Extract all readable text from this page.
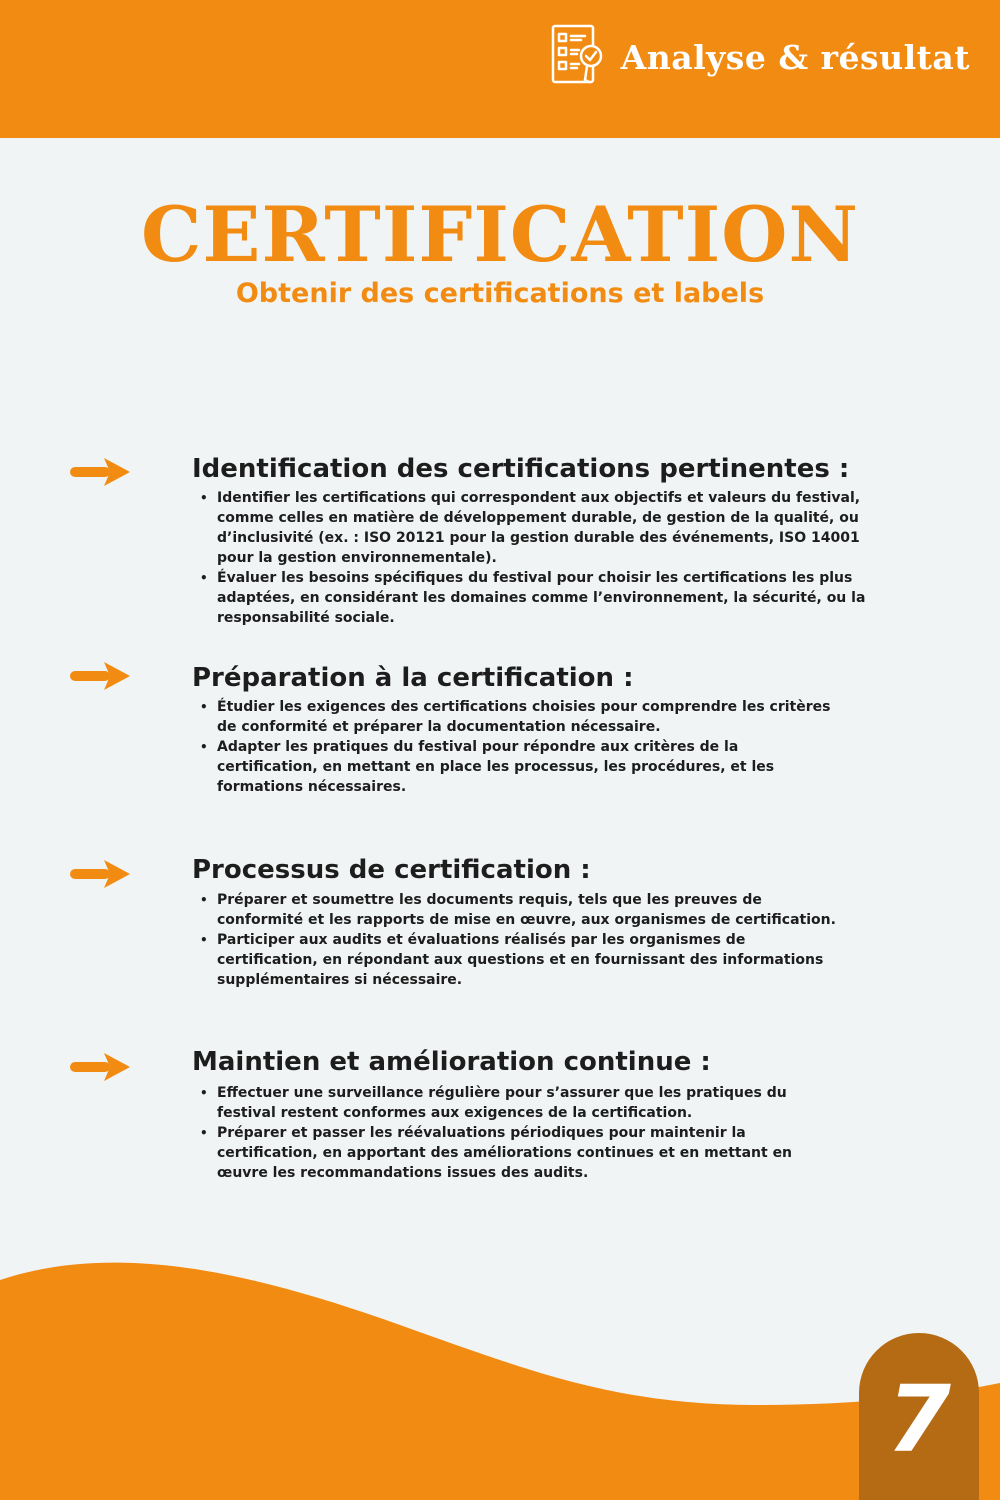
Analyse & résultat
CERTIFICATION
Obtenir des certifications et labels
Identification des certifications pertinentes :
• Identifier les certifications qui correspondent aux objectifs et valeurs du festival, comme celles en matière de développement durable, de gestion de la qualité, ou d’inclusivité (ex. : ISO 20121 pour la gestion durable des événements, ISO 14001 pour la gestion environnementale).
• Évaluer les besoins spécifiques du festival pour choisir les certifications les plus adaptées, en considérant les domaines comme l’environnement, la sécurité, ou la responsabilité sociale.
Préparation à la certification :
• Étudier les exigences des certifications choisies pour comprendre les critères de conformité et préparer la documentation nécessaire.
• Adapter les pratiques du festival pour répondre aux critères de la certification, en mettant en place les processus, les procédures, et les formations nécessaires.
Processus de certification :
• Préparer et soumettre les documents requis, tels que les preuves de conformité et les rapports de mise en œuvre, aux organismes de certification.
• Participer aux audits et évaluations réalisés par les organismes de certification, en répondant aux questions et en fournissant des informations supplémentaires si nécessaire.
Maintien et amélioration continue :
• Effectuer une surveillance régulière pour s’assurer que les pratiques du festival restent conformes aux exigences de la certification.
• Préparer et passer les réévaluations périodiques pour maintenir la certification, en apportant des améliorations continues et en mettant en œuvre les recommandations issues des audits.
7
